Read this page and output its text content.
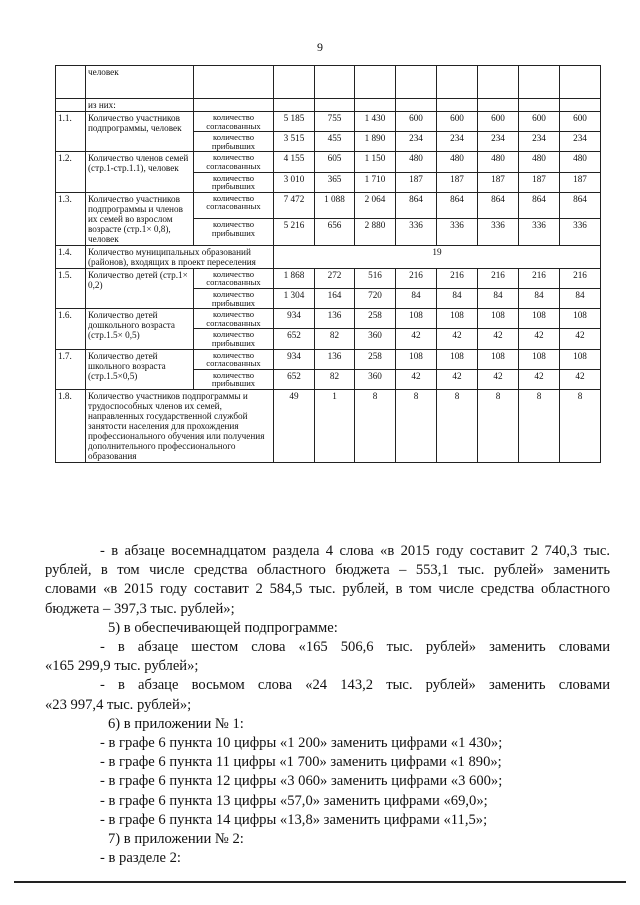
9
	человек									
	из них:									
1.1.	Количество участников подпрограммы, человек	количество согласованных	5 185	755	1 430	600	600	600	600	600
		количество прибывших	3 515	455	1 890	234	234	234	234	234
1.2.	Количество членов семей (стр.1-стр.1.1), человек	количество согласованных	4 155	605	1 150	480	480	480	480	480
		количество прибывших	3 010	365	1 710	187	187	187	187	187
1.3.	Количество участников подпрограммы и членов их семей во взрослом возрасте (стр.1× 0,8), человек	количество согласованных	7 472	1 088	2 064	864	864	864	864	864
		количество прибывших	5 216	656	2 880	336	336	336	336	336
1.4.	Количество муниципальных образований (районов), входящих в проект переселения		19							
1.5.	Количество детей (стр.1× 0,2)	количество согласованных	1 868	272	516	216	216	216	216	216
		количество прибывших	1 304	164	720	84	84	84	84	84
1.6.	Количество детей дошкольного возраста (стр.1.5× 0,5)	количество согласованных	934	136	258	108	108	108	108	108
		количество прибывших	652	82	360	42	42	42	42	42
1.7.	Количество детей школьного возраста (стр.1.5×0,5)	количество согласованных	934	136	258	108	108	108	108	108
		количество прибывших	652	82	360	42	42	42	42	42
1.8.	Количество участников подпрограммы и трудоспособных членов их семей, направленных государственной службой занятости населения для прохождения профессионального обучения или получения дополнительного профессионального образования		49	1	8	8	8	8	8	8

- в абзаце восемнадцатом раздела 4 слова «в 2015 году составит 2 740,3 тыс.

рублей, в том числе средства областного бюджета – 553,1 тыс. рублей» заменить

словами «в 2015 году составит 2 584,5 тыс. рублей, в том числе средства областного

бюджета – 397,3 тыс. рублей»;

5) в обеспечивающей подпрограмме:

- в абзаце шестом слова «165 506,6 тыс. рублей» заменить словами

«165 299,9 тыс. рублей»;

- в абзаце восьмом слова «24 143,2 тыс. рублей» заменить словами

«23 997,4 тыс. рублей»;

6) в приложении № 1:

- в графе 6 пункта 10 цифры «1 200» заменить цифрами «1 430»;

- в графе 6 пункта 11 цифры «1 700» заменить цифрами «1 890»;

- в графе 6 пункта 12 цифры «3 060» заменить цифрами «3 600»;

- в графе 6 пункта 13 цифры «57,0» заменить цифрами «69,0»;

- в графе 6 пункта 14 цифры «13,8» заменить цифрами «11,5»;

7) в приложении № 2:

- в разделе 2:
